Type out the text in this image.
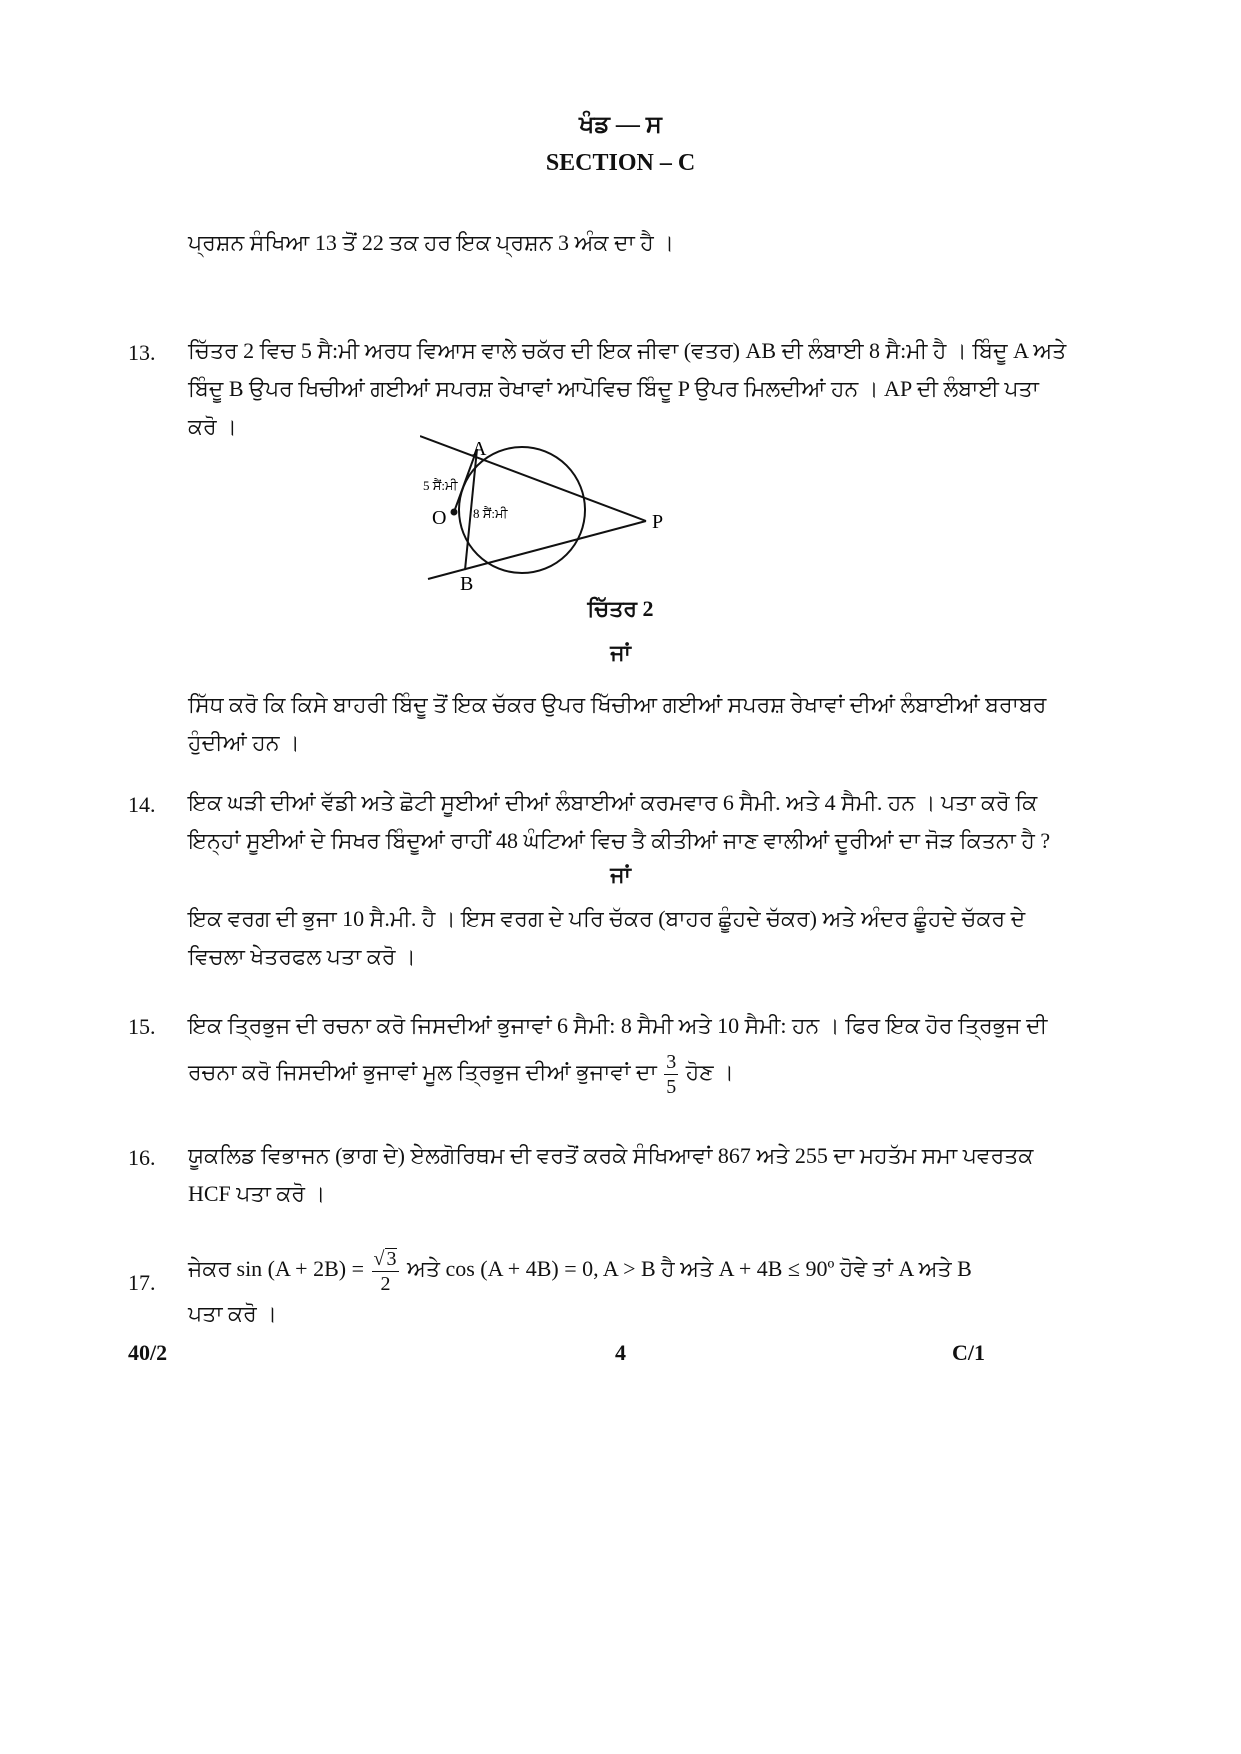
ਖੰਡ — ਸ
SECTION – C
ਪ੍ਰਸ਼ਨ ਸੰਖਿਆ 13 ਤੋਂ 22 ਤਕ ਹਰ ਇਕ ਪ੍ਰਸ਼ਨ 3 ਅੰਕ ਦਾ ਹੈ ।
13. ਚਿੱਤਰ 2 ਵਿਚ 5 ਸੈ:ਮੀ ਅਰਧ ਵਿਆਸ ਵਾਲੇ ਚਕੱਰ ਦੀ ਇਕ ਜੀਵਾ (ਵਤਰ) AB ਦੀ ਲੰਬਾਈ 8 ਸੈ:ਮੀ ਹੈ । ਬਿੰਦੂ A ਅਤੇ ਬਿੰਦੂ B ਉਪਰ ਖਿਚੀਆਂ ਗਈਆਂ ਸਪਰਸ਼ ਰੇਖਾਵਾਂ ਆਪੋਵਿਚ ਬਿੰਦੂ P ਉਪਰ ਮਿਲਦੀਆਂ ਹਨ । AP ਦੀ ਲੰਬਾਈ ਪਤਾ ਕਰੋ ।
A
B
O	P
5 ਸੈਂ:ਮੀ
8 ਸੈਂ:ਮੀ
ਚਿੱਤਰ 2
ਜਾਂ
ਸਿੱਧ ਕਰੋ ਕਿ ਕਿਸੇ ਬਾਹਰੀ ਬਿੰਦੂ ਤੋਂ ਇਕ ਚੱਕਰ ਉਪਰ ਖਿੱਚੀਆ ਗਈਆਂ ਸਪਰਸ਼ ਰੇਖਾਵਾਂ ਦੀਆਂ ਲੰਬਾਈਆਂ ਬਰਾਬਰ ਹੁੰਦੀਆਂ ਹਨ ।
14. ਇਕ ਘੜੀ ਦੀਆਂ ਵੱਡੀ ਅਤੇ ਛੋਟੀ ਸੂਈਆਂ ਦੀਆਂ ਲੰਬਾਈਆਂ ਕਰਮਵਾਰ 6 ਸੈਮੀ. ਅਤੇ 4 ਸੈਮੀ. ਹਨ । ਪਤਾ ਕਰੋ ਕਿ ਇਨ੍ਹਾਂ ਸੂਈਆਂ ਦੇ ਸਿਖਰ ਬਿੰਦੂਆਂ ਰਾਹੀਂ 48 ਘੰਟਿਆਂ ਵਿਚ ਤੈ ਕੀਤੀਆਂ ਜਾਣ ਵਾਲੀਆਂ ਦੂਰੀਆਂ ਦਾ ਜੋੜ ਕਿਤਨਾ ਹੈ ?
ਜਾਂ
ਇਕ ਵਰਗ ਦੀ ਭੁਜਾ 10 ਸੈ.ਮੀ. ਹੈ । ਇਸ ਵਰਗ ਦੇ ਪਰਿ ਚੱਕਰ (ਬਾਹਰ ਛੂੰਹਦੇ ਚੱਕਰ) ਅਤੇ ਅੰਦਰ ਛੂੰਹਦੇ ਚੱਕਰ ਦੇ ਵਿਚਲਾ ਖੇਤਰਫਲ ਪਤਾ ਕਰੋ ।
15. ਇਕ ਤ੍ਰਿਭੁਜ ਦੀ ਰਚਨਾ ਕਰੋ ਜਿਸਦੀਆਂ ਭੁਜਾਵਾਂ 6 ਸੈਮੀ: 8 ਸੈਮੀ ਅਤੇ 10 ਸੈਮੀ: ਹਨ । ਫਿਰ ਇਕ ਹੋਰ ਤ੍ਰਿਭੁਜ ਦੀ
ਰਚਨਾ ਕਰੋ ਜਿਸਦੀਆਂ ਭੁਜਾਵਾਂ ਮੂਲ ਤ੍ਰਿਭੁਜ ਦੀਆਂ ਭੁਜਾਵਾਂ ਦਾ $\frac{3}{5}$ ਹੋਣ ।
16. ਯੂਕਲਿਡ ਵਿਭਾਜਨ (ਭਾਗ ਦੇ) ਏਲਗੋਰਿਥਮ ਦੀ ਵਰਤੋਂ ਕਰਕੇ ਸੰਖਿਆਵਾਂ 867 ਅਤੇ 255 ਦਾ ਮਹਤੱਮ ਸਮਾ ਪਵਰਤਕ HCF ਪਤਾ ਕਰੋ ।
17.
ਜੇਕਰ $\sin (A + 2B) = \frac{√ 3}{2}$ ਅਤੇ cos (A + 4B) = 0, A > B ਹੈ ਅਤੇ A + 4B ≤ 90º ਹੋਵੇ ਤਾਂ A ਅਤੇ B
ਪਤਾ ਕਰੋ ।
40/2	4	C/1
